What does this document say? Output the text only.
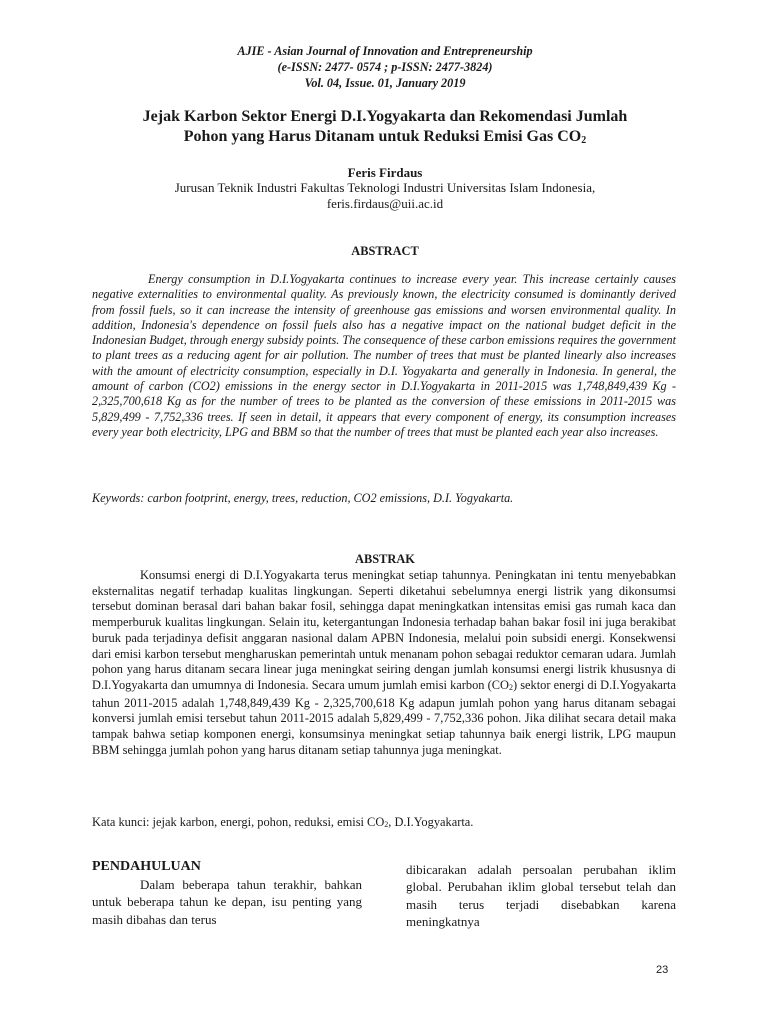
AJIE - Asian Journal of Innovation and Entrepreneurship
(e-ISSN: 2477- 0574 ; p-ISSN: 2477-3824)
Vol. 04, Issue. 01, January 2019
Jejak Karbon Sektor Energi D.I.Yogyakarta dan Rekomendasi Jumlah
Pohon yang Harus Ditanam untuk Reduksi Emisi Gas $CO_2$
Feris Firdaus
Jurusan Teknik Industri Fakultas Teknologi Industri Universitas Islam Indonesia,
feris.firdaus@uii.ac.id
ABSTRACT

Energy consumption in D.I.Yogyakarta continues to increase every year. This increase certainly causes negative externalities to environmental quality. As previously known, the electricity consumed is dominantly derived from fossil fuels, so it can increase the intensity of greenhouse gas emissions and worsen environmental quality. In addition, Indonesia's dependence on fossil fuels also has a negative impact on the national budget deficit in the Indonesian Budget, through energy subsidy points. The consequence of these carbon emissions requires the government to plant trees as a reducing agent for air pollution. The number of trees that must be planted linearly also increases with the amount of electricity consumption, especially in D.I. Yogyakarta and generally in Indonesia. In general, the amount of carbon (CO2) emissions in the energy sector in D.I.Yogyakarta in 2011-2015 was 1,748,849,439 Kg - 2,325,700,618 Kg as for the number of trees to be planted as the conversion of these emissions in 2011-2015 was 5,829,499 - 7,752,336 trees. If seen in detail, it appears that every component of energy, its consumption increases every year both electricity, LPG and BBM so that the number of trees that must be planted each year also increases.

Keywords: carbon footprint, energy, trees, reduction, CO2 emissions, D.I. Yogyakarta.

ABSTRAK

Konsumsi energi di D.I.Yogyakarta terus meningkat setiap tahunnya. Peningkatan ini tentu menyebabkan eksternalitas negatif terhadap kualitas lingkungan. Seperti diketahui sebelumnya energi listrik yang dikonsumsi tersebut dominan berasal dari bahan bakar fosil, sehingga dapat meningkatkan intensitas emisi gas rumah kaca dan memperburuk kualitas lingkungan. Selain itu, ketergantungan Indonesia terhadap bahan bakar fosil ini juga berakibat buruk pada terjadinya defisit anggaran nasional dalam APBN Indonesia, melalui poin subsidi energi. Konsekwensi dari emisi karbon tersebut mengharuskan pemerintah untuk menanam pohon sebagai reduktor cemaran udara. Jumlah pohon yang harus ditanam secara linear juga meningkat seiring dengan jumlah konsumsi energi listrik khususnya di D.I.Yogyakarta dan umumnya di Indonesia. Secara umum jumlah emisi karbon $(CO_2)$ sektor energi di D.I.Yogyakarta tahun 2011-2015 adalah 1,748,849,439 Kg - 2,325,700,618 Kg adapun jumlah pohon yang harus ditanam sebagai konversi jumlah emisi tersebut tahun 2011-2015 adalah 5,829,499 - 7,752,336 pohon. Jika dilihat secara detail maka tampak bahwa setiap komponen energi, konsumsinya meningkat setiap tahunnya baik energi listrik, LPG maupun BBM sehingga jumlah pohon yang harus ditanam setiap tahunnya juga meningkat.

Kata kunci: jejak karbon, energi, pohon, reduksi, emisi $CO_2$, D.I.Yogyakarta.

PENDAHULUAN

Dalam beberapa tahun terakhir, bahkan untuk beberapa tahun ke depan, isu penting yang masih dibahas dan terus

dibicarakan adalah persoalan perubahan iklim global. Perubahan iklim global tersebut telah dan masih terus terjadi disebabkan karena meningkatnya

23
